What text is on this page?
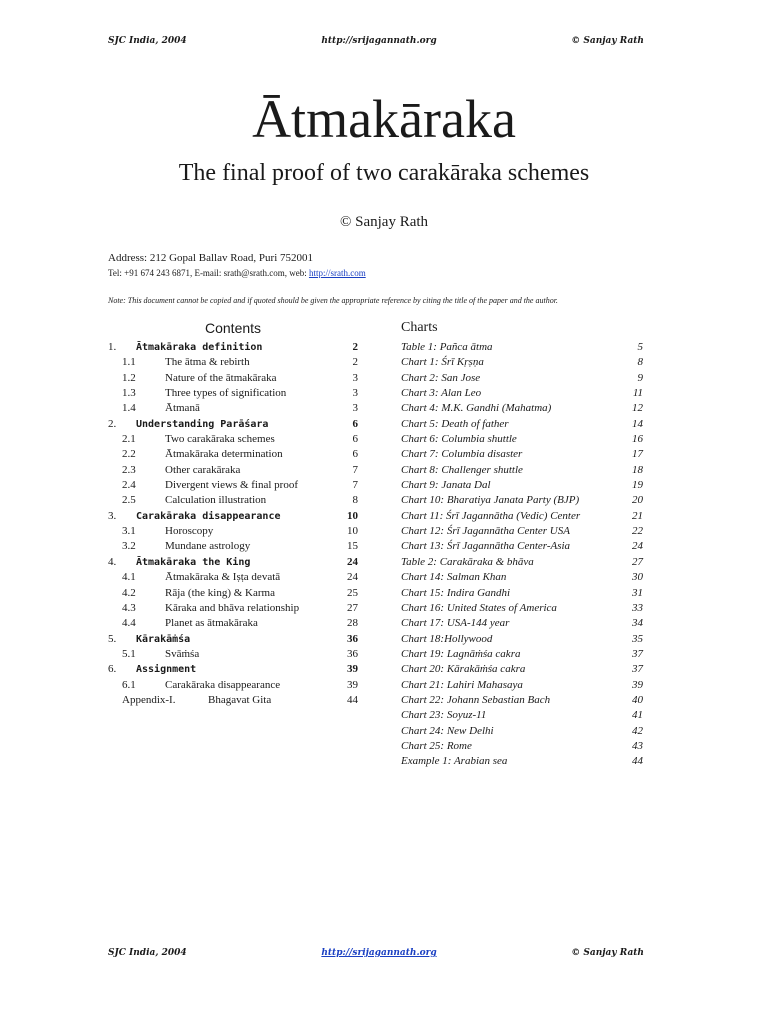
SJC India, 2004	http://srijagannath.org	© Sanjay Rath
Ātmakāraka
The final proof of two carakāraka schemes
© Sanjay Rath
Address: 212 Gopal Ballav Road, Puri 752001
Tel: +91 674 243 6871, E-mail: srath@srath.com, web: http://srath.com
Note: This document cannot be copied and if quoted should be given the appropriate reference by citing the title of the paper and the author.
Contents	Charts
1. Ātmakāraka definition	2
1.1	The ātma & rebirth	2
1.2	Nature of the ātmakāraka	3
1.3	Three types of signification	3
1.4	Ātmanā	3
2. Understanding Parāśara	6
2.1	Two carakāraka schemes	6
2.2	Ātmakāraka determination	6
2.3	Other carakāraka	7
2.4	Divergent views & final proof	7
2.5	Calculation illustration	8
3. Carakāraka disappearance	10
3.1	Horoscopy	10
3.2	Mundane astrology	15
4. Ātmakāraka the King	24
4.1	Ātmakāraka & Iṣṭa devatā	24
4.2	Rāja (the king) & Karma	25
4.3	Kāraka and bhāva relationship	27
4.4	Planet as ātmakāraka	28
5. Kārakāṁśa	36
5.1	Svāṁśa	36
6. Assignment	39
6.1	Carakāraka disappearance	39
Appendix-I.	Bhagavat Gita	44
Table 1: Pañca ātma	5
Chart 1: Śrī Kṛṣṇa	8
Chart 2: San Jose	9
Chart 3: Alan Leo	11
Chart 4: M.K. Gandhi (Mahatma)	12
Chart 5: Death of father	14
Chart 6: Columbia shuttle	16
Chart 7: Columbia disaster	17
Chart 8: Challenger shuttle	18
Chart 9: Janata Dal	19
Chart 10: Bharatiya Janata Party (BJP)	20
Chart 11: Śrī Jagannātha (Vedic) Center	21
Chart 12: Śrī Jagannātha Center USA	22
Chart 13: Śrī Jagannātha Center-Asia	24
Table 2: Carakāraka & bhāva	27
Chart 14: Salman Khan	30
Chart 15: Indira Gandhi	31
Chart 16: United States of America	33
Chart 17: USA-144 year	34
Chart 18:Hollywood	35
Chart 19: Lagnāṁśa cakra	37
Chart 20: Kārakāṁśa cakra	37
Chart 21: Lahiri Mahasaya	39
Chart 22: Johann Sebastian Bach	40
Chart 23: Soyuz-11	41
Chart 24: New Delhi	42
Chart 25: Rome	43
Example 1: Arabian sea	44
SJC India, 2004	http://srijagannath.org	© Sanjay Rath
